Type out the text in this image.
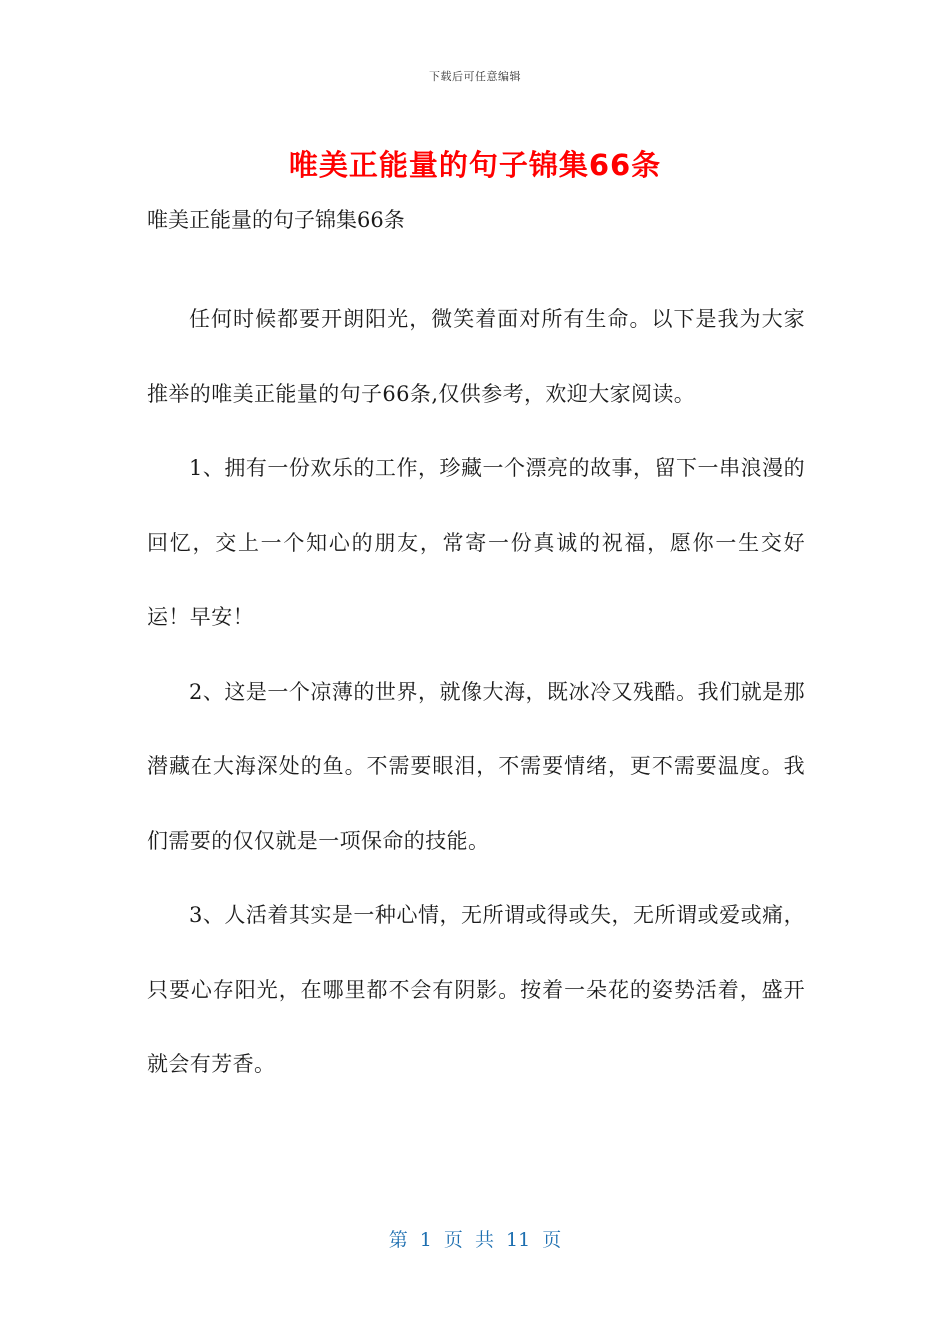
下载后可任意编辑
唯美正能量的句子锦集66条
唯美正能量的句子锦集66条

任何时候都要开朗阳光，微笑着面对所有生命。以下是我为大家推举的唯美正能量的句子66条,仅供参考，欢迎大家阅读。

1、拥有一份欢乐的工作，珍藏一个漂亮的故事，留下一串浪漫的回忆，交上一个知心的朋友，常寄一份真诚的祝福，愿你一生交好运！早安！

2、这是一个凉薄的世界，就像大海，既冰冷又残酷。我们就是那潜藏在大海深处的鱼。不需要眼泪，不需要情绪，更不需要温度。我们需要的仅仅就是一项保命的技能。

3、人活着其实是一种心情，无所谓或得或失，无所谓或爱或痛，只要心存阳光，在哪里都不会有阴影。按着一朵花的姿势活着，盛开就会有芳香。

第 1 页 共 11 页
